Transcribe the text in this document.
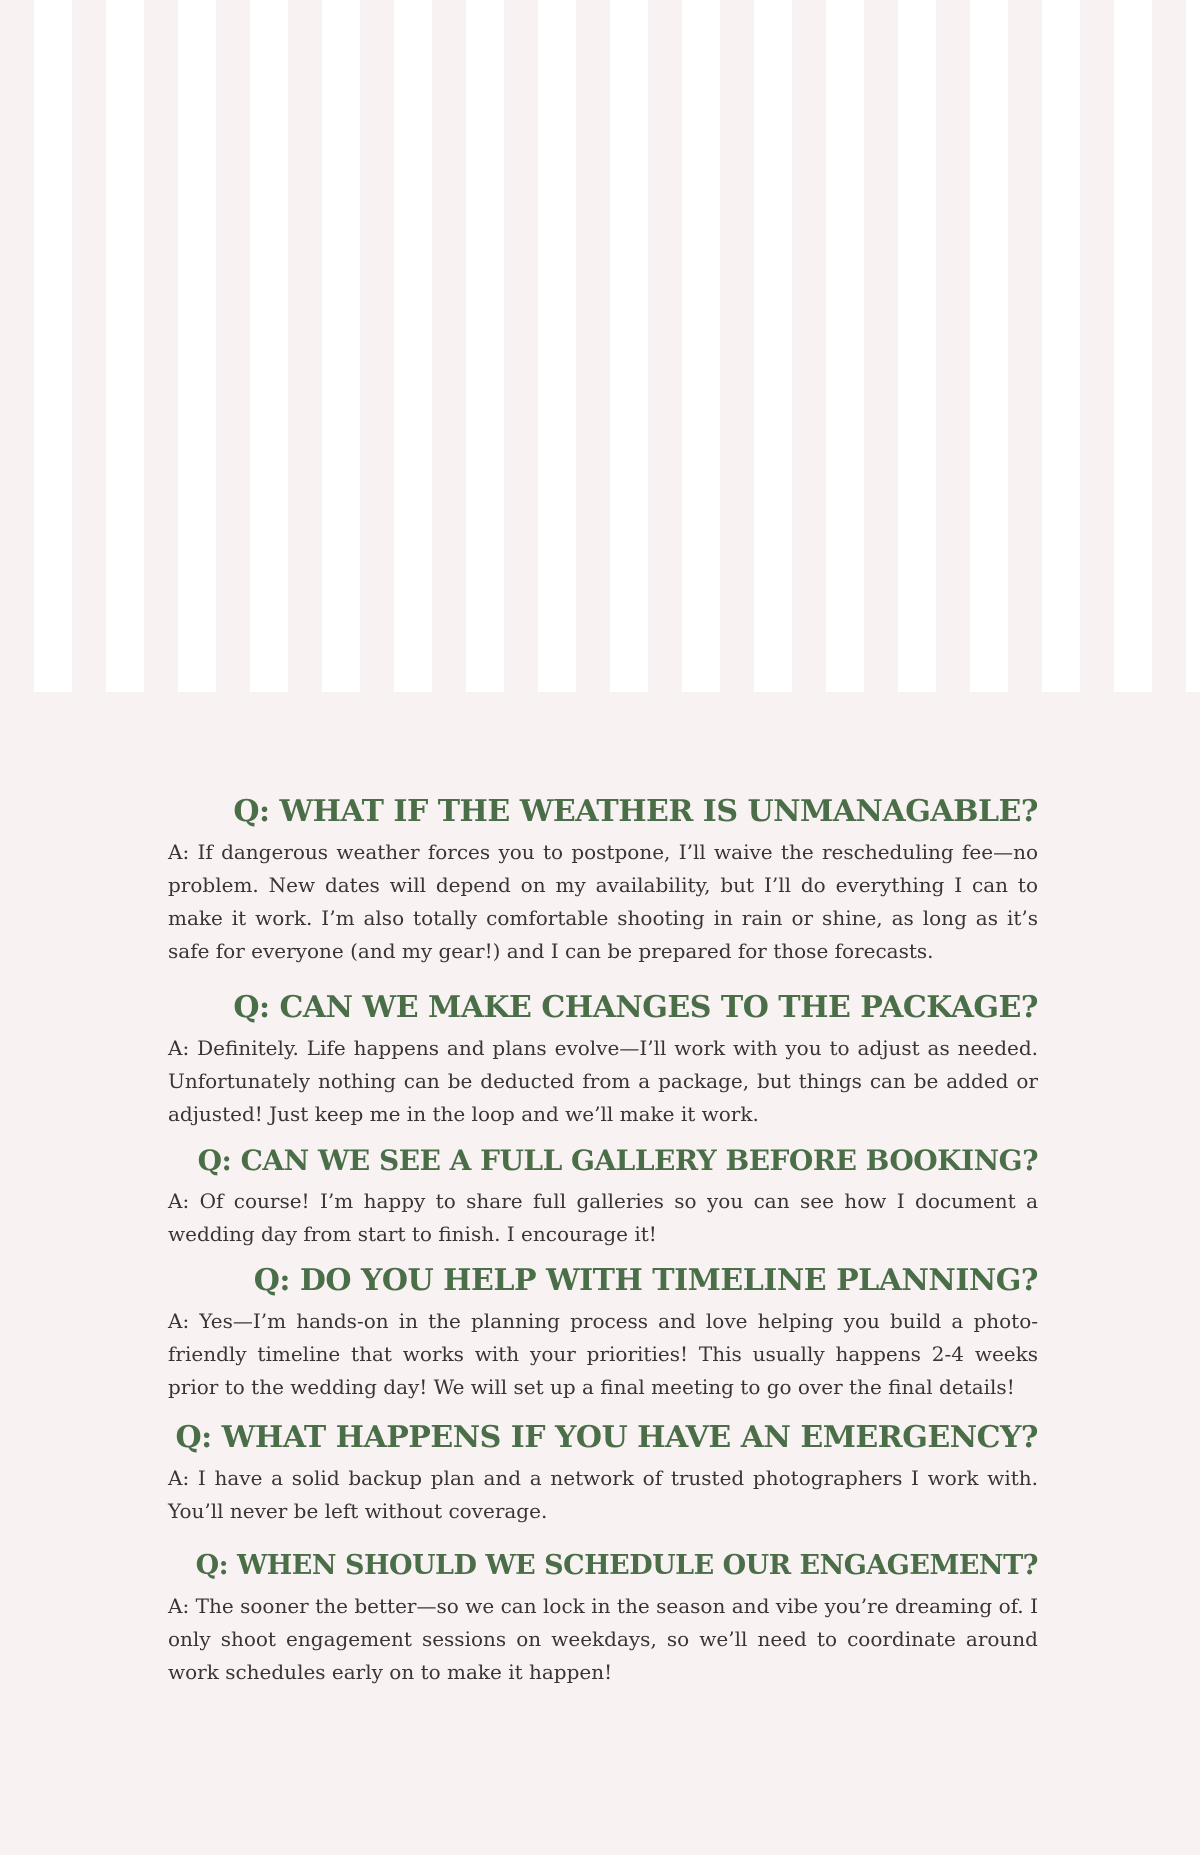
Q: WHAT IF THE WEATHER IS UNMANAGABLE?

A: If dangerous weather forces you to postpone, I’ll waive the rescheduling fee—no problem. New dates will depend on my availability, but I’ll do everything I can to make it work. I’m also totally comfortable shooting in rain or shine, as long as it’s safe for everyone (and my gear!) and I can be prepared for those forecasts.

Q: CAN WE MAKE CHANGES TO THE PACKAGE?

A: Definitely. Life happens and plans evolve—I’ll work with you to adjust as needed. Unfortunately nothing can be deducted from a package, but things can be added or adjusted! Just keep me in the loop and we’ll make it work.

Q: CAN WE SEE A FULL GALLERY BEFORE BOOKING?

A: Of course! I’m happy to share full galleries so you can see how I document a wedding day from start to finish. I encourage it!

Q: DO YOU HELP WITH TIMELINE PLANNING?

A: Yes—I’m hands-on in the planning process and love helping you build a photo-friendly timeline that works with your priorities! This usually happens 2-4 weeks prior to the wedding day! We will set up a final meeting to go over the final details!

Q: WHAT HAPPENS IF YOU HAVE AN EMERGENCY?

A: I have a solid backup plan and a network of trusted photographers I work with. You’ll never be left without coverage.

Q: WHEN SHOULD WE SCHEDULE OUR ENGAGEMENT?

A: The sooner the better—so we can lock in the season and vibe you’re dreaming of. I only shoot engagement sessions on weekdays, so we’ll need to coordinate around work schedules early on to make it happen!
